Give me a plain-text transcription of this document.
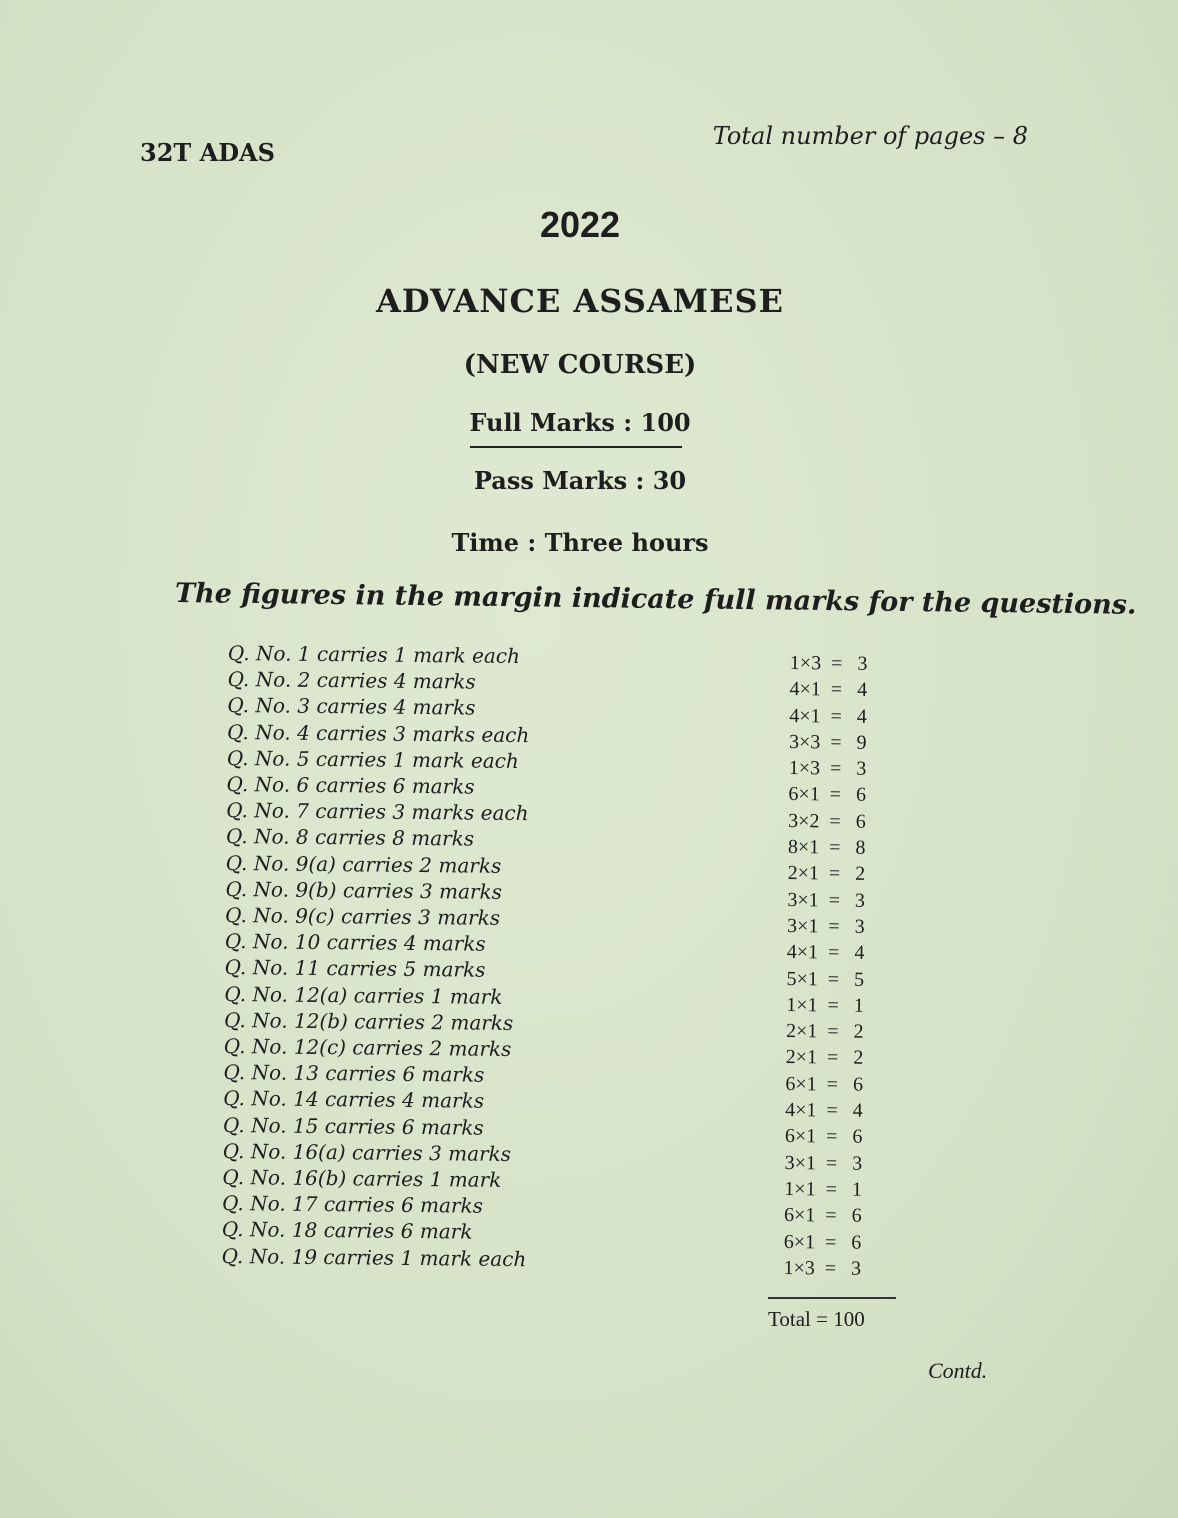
32T ADAS
Total number of pages – 8
2022
ADVANCE ASSAMESE
(NEW COURSE)
Full Marks : 100
Pass Marks : 30
Time : Three hours
The figures in the margin indicate full marks for the questions.
Q. No. 1 carries 1 mark each
Q. No. 2 carries 4 marks
Q. No. 3 carries 4 marks
Q. No. 4 carries 3 marks each
Q. No. 5 carries 1 mark each
Q. No. 6 carries 6 marks
Q. No. 7 carries 3 marks each
Q. No. 8 carries 8 marks
Q. No. 9(a) carries 2 marks
Q. No. 9(b) carries 3 marks
Q. No. 9(c) carries 3 marks
Q. No. 10 carries 4 marks
Q. No. 11 carries 5 marks
Q. No. 12(a) carries 1 mark
Q. No. 12(b) carries 2 marks
Q. No. 12(c) carries 2 marks
Q. No. 13 carries 6 marks
Q. No. 14 carries 4 marks
Q. No. 15 carries 6 marks
Q. No. 16(a) carries 3 marks
Q. No. 16(b) carries 1 mark
Q. No. 17 carries 6 marks
Q. No. 18 carries 6 mark
Q. No. 19 carries 1 mark each
1×3  =   3
4×1  =   4
4×1  =   4
3×3  =   9
1×3  =   3
6×1  =   6
3×2  =   6
8×1  =   8
2×1  =   2
3×1  =   3
3×1  =   3
4×1  =   4
5×1  =   5
1×1  =   1
2×1  =   2
2×1  =   2
6×1  =   6
4×1  =   4
6×1  =   6
3×1  =   3
1×1  =   1
6×1  =   6
6×1  =   6
1×3  =   3
Total = 100
Contd.
